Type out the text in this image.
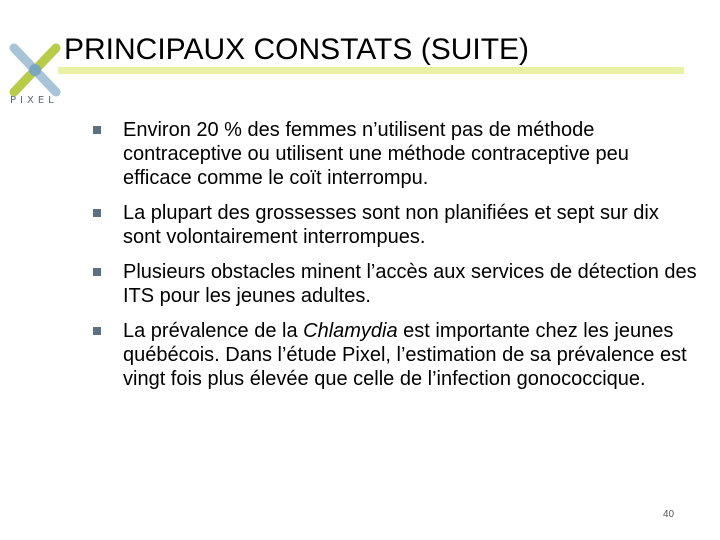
PIXEL
PRINCIPAUX CONSTATS (SUITE)
Environ 20 % des femmes n’utilisent pas de méthode contraceptive ou utilisent une méthode contraceptive peu efficace comme le coït interrompu.
La plupart des grossesses sont non planifiées et sept sur dix sont volontairement interrompues.
Plusieurs obstacles minent l’accès aux services de détection des ITS pour les jeunes adultes.
La prévalence de la Chlamydia est importante chez les jeunes québécois. Dans l’étude Pixel, l’estimation de sa prévalence est vingt fois plus élevée que celle de l’infection gonococcique.
40
